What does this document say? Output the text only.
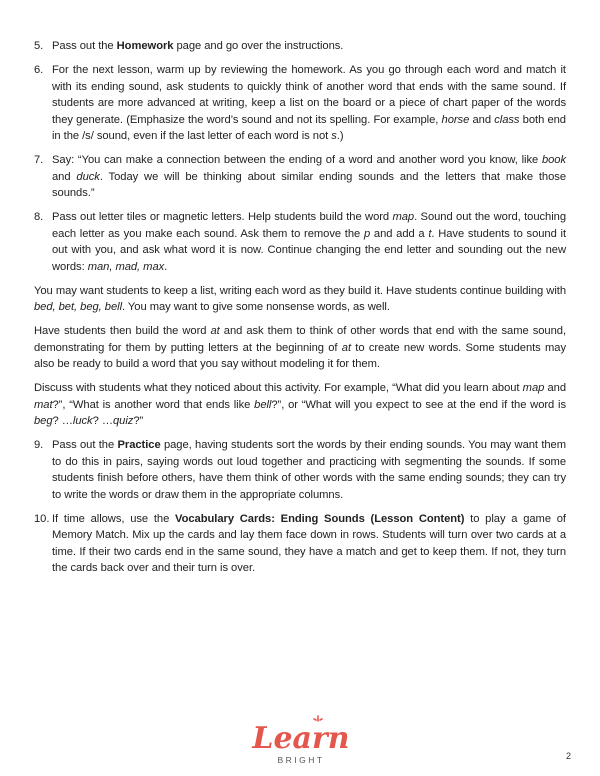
5. Pass out the Homework page and go over the instructions.
6. For the next lesson, warm up by reviewing the homework. As you go through each word and match it with its ending sound, ask students to quickly think of another word that ends with the same sound. If students are more advanced at writing, keep a list on the board or a piece of chart paper of the words they generate. (Emphasize the word’s sound and not its spelling. For example, horse and class both end in the /s/ sound, even if the last letter of each word is not s.)
7. Say: “You can make a connection between the ending of a word and another word you know, like book and duck. Today we will be thinking about similar ending sounds and the letters that make those sounds.”
8. Pass out letter tiles or magnetic letters. Help students build the word map. Sound out the word, touching each letter as you make each sound. Ask them to remove the p and add a t. Have students to sound it out with you, and ask what word it is now. Continue changing the end letter and sounding out the new words: man, mad, max.

You may want students to keep a list, writing each word as they build it. Have students continue building with bed, bet, beg, bell. You may want to give some nonsense words, as well.

Have students then build the word at and ask them to think of other words that end with the same sound, demonstrating for them by putting letters at the beginning of at to create new words. Some students may also be ready to build a word that you say without modeling it for them.

Discuss with students what they noticed about this activity. For example, “What did you learn about map and mat?”, “What is another word that ends like bell?”, or “What will you expect to see at the end if the word is beg? …luck? …quiz?”

9. Pass out the Practice page, having students sort the words by their ending sounds. You may want them to do this in pairs, saying words out loud together and practicing with segmenting the sounds. If some students finish before others, have them think of other words with the same ending sounds; they can try to write the words or draw them in the appropriate columns.
10. If time allows, use the Vocabulary Cards: Ending Sounds (Lesson Content) to play a game of Memory Match. Mix up the cards and lay them face down in rows. Students will turn over two cards at a time. If their two cards end in the same sound, they have a match and get to keep them. If not, they turn the cards back over and their turn is over.
Learn
BRIGHT	2
